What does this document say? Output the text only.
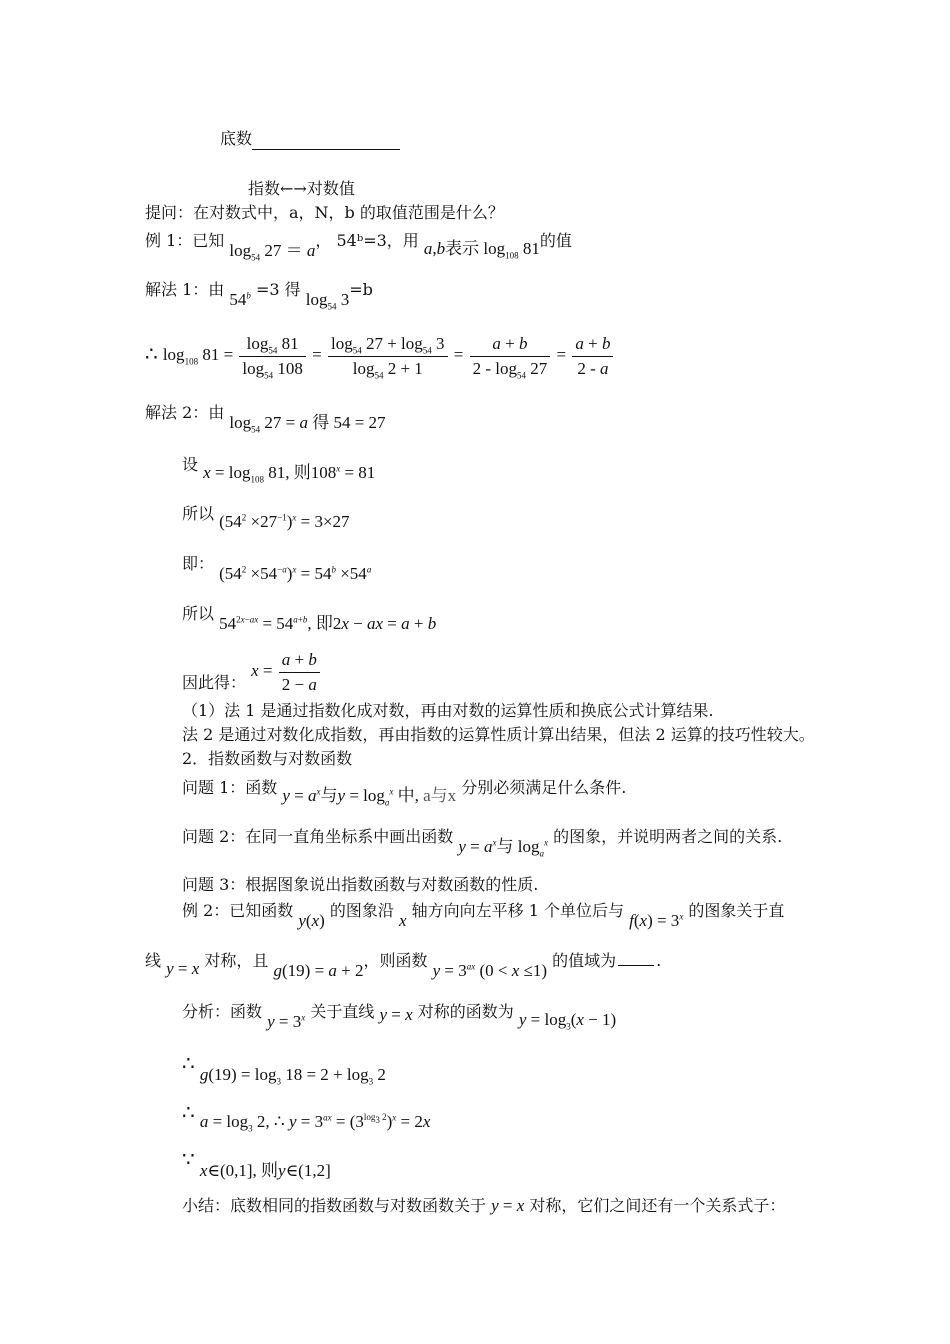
底数
指数←→对数值
提问：在对数式中，a，N，b 的取值范围是什么？
例 1：已知 $\log_{54} 27 = a$， 54ᵇ=3，用 a,b表示 $\log_{108} 81$的值
解法 1：由 $54^b =3$ 得 $\log_{54} 3=b$
∴ $\log_{108} 81 = \frac{\log_{54} 81}{\log_{54} 108} = \frac{\log_{54} 27 + \log_{54} 3}{\log_{54} 2 + 1} = \frac{a + b}{2 - \log_{54} 27} = \frac{a + b}{2 - a}$
解法 2：由 $\log_{54} 27 = a$ 得 54 = 27
设 $x = \log_{108} 81$, 则$108^x = 81$
所以 $(54^2 \times 27^{-1})^x = 3\times 27$
即： $(54^2 \times 54^{-a})^x = 54^b \times 54^a$
所以 $54^{2x-ax} = 54^{a+b}$, 即2x − ax = a + b
因此得： $x = \frac{a + b}{2 - a}$
（1）法 1 是通过指数化成对数，再由对数的运算性质和换底公式计算结果.
法 2 是通过对数化成指数，再由指数的运算性质计算出结果，但法 2 运算的技巧性较大。
2．指数函数与对数函数
问题 1：函数 $y = a^x$与$y = \log_a^x$ 中, a与x 分别必须满足什么条件.
问题 2：在同一直角坐标系中画出函数 $y = a^x$与 $\log_a^x$ 的图象，并说明两者之间的关系.
问题 3：根据图象说出指数函数与对数函数的性质.
例 2：已知函数 y(x) 的图象沿 x 轴方向向左平移 1 个单位后与 $f(x) = 3^x$ 的图象关于直
线 y = x 对称，且 g(19) = a + 2，则函数 $y = 3^{ax}$ (0 < x ≤1) 的值域为	.
分析：函数 $y = 3^x$ 关于直线 y = x 对称的函数为 $y = \log_3(x - 1)$
∴ $g(19) = \log_3 18 = 2 + \log_3 2$
∴ $a = \log_3 2$, ∴ $y = 3^{ax} = (3^{log_3 2})^x = 2x$
∵ x∈(0,1], 则y∈(1,2]
小结：底数相同的指数函数与对数函数关于 y = x 对称，它们之间还有一个关系式子：
